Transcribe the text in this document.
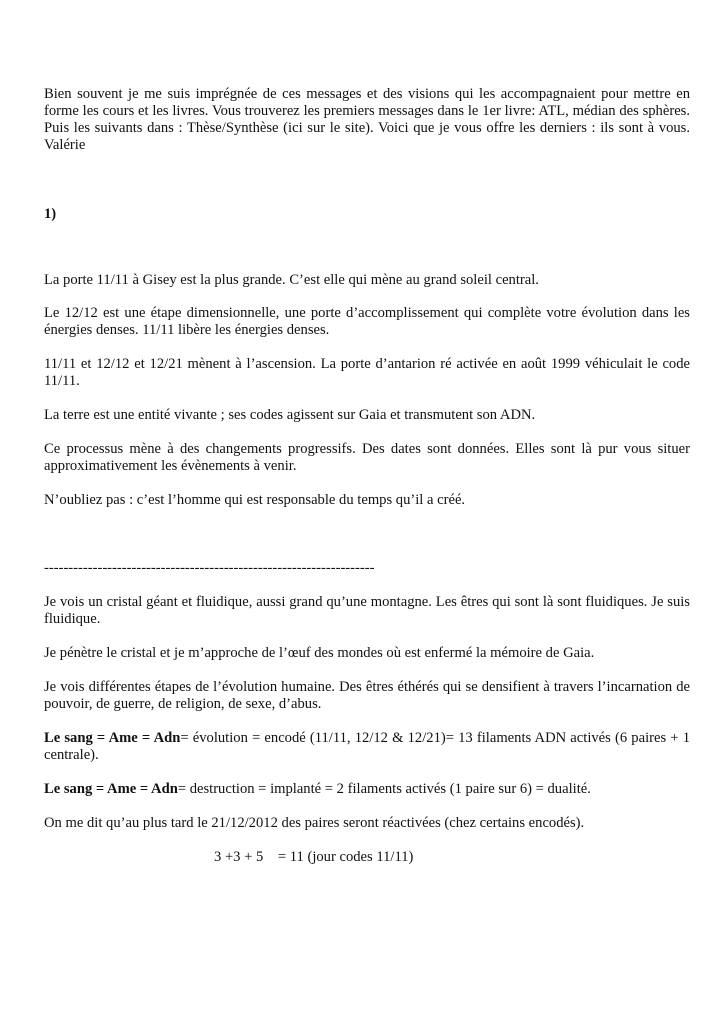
Bien souvent je me suis imprégnée de ces messages et des visions qui les accompagnaient pour mettre en forme les cours et les livres. Vous trouverez les premiers messages dans le 1er livre: ATL, médian des sphères. Puis les suivants dans : Thèse/Synthèse (ici sur le site). Voici que je vous offre les derniers : ils sont à vous. Valérie

1)

La porte 11/11 à Gisey est la plus grande. C’est elle qui mène au grand soleil central.

Le 12/12 est une étape dimensionnelle, une porte d’accomplissement qui complète votre évolution dans les énergies denses. 11/11 libère les énergies denses.

11/11 et 12/12 et 12/21 mènent à l’ascension. La porte d’antarion ré activée en août 1999 véhiculait le code 11/11.

La terre est une entité vivante ; ses codes agissent sur Gaia et transmutent son ADN.

Ce processus mène à des changements progressifs. Des dates sont données. Elles sont là pur vous situer approximativement les évènements à venir.

N’oubliez pas : c’est l’homme qui est responsable du temps qu’il a créé.

--------------------------------------------------------------------

Je vois un cristal géant et fluidique, aussi grand qu’une montagne. Les êtres qui sont là sont fluidiques. Je suis fluidique.

Je pénètre le cristal et je m’approche de l’œuf des mondes où est enfermé la mémoire de Gaia.

Je vois différentes étapes de l’évolution humaine. Des êtres éthérés qui se densifient à travers l’incarnation de pouvoir, de guerre, de religion, de sexe, d’abus.

Le sang = Ame = Adn= évolution = encodé (11/11, 12/12 & 12/21)= 13 filaments ADN activés (6 paires + 1 centrale).

Le sang = Ame = Adn= destruction = implanté = 2 filaments activés (1 paire sur 6) = dualité.

On me dit qu’au plus tard le 21/12/2012 des paires seront réactivées (chez certains encodés).

3 +3 + 5    = 11 (jour codes 11/11)
